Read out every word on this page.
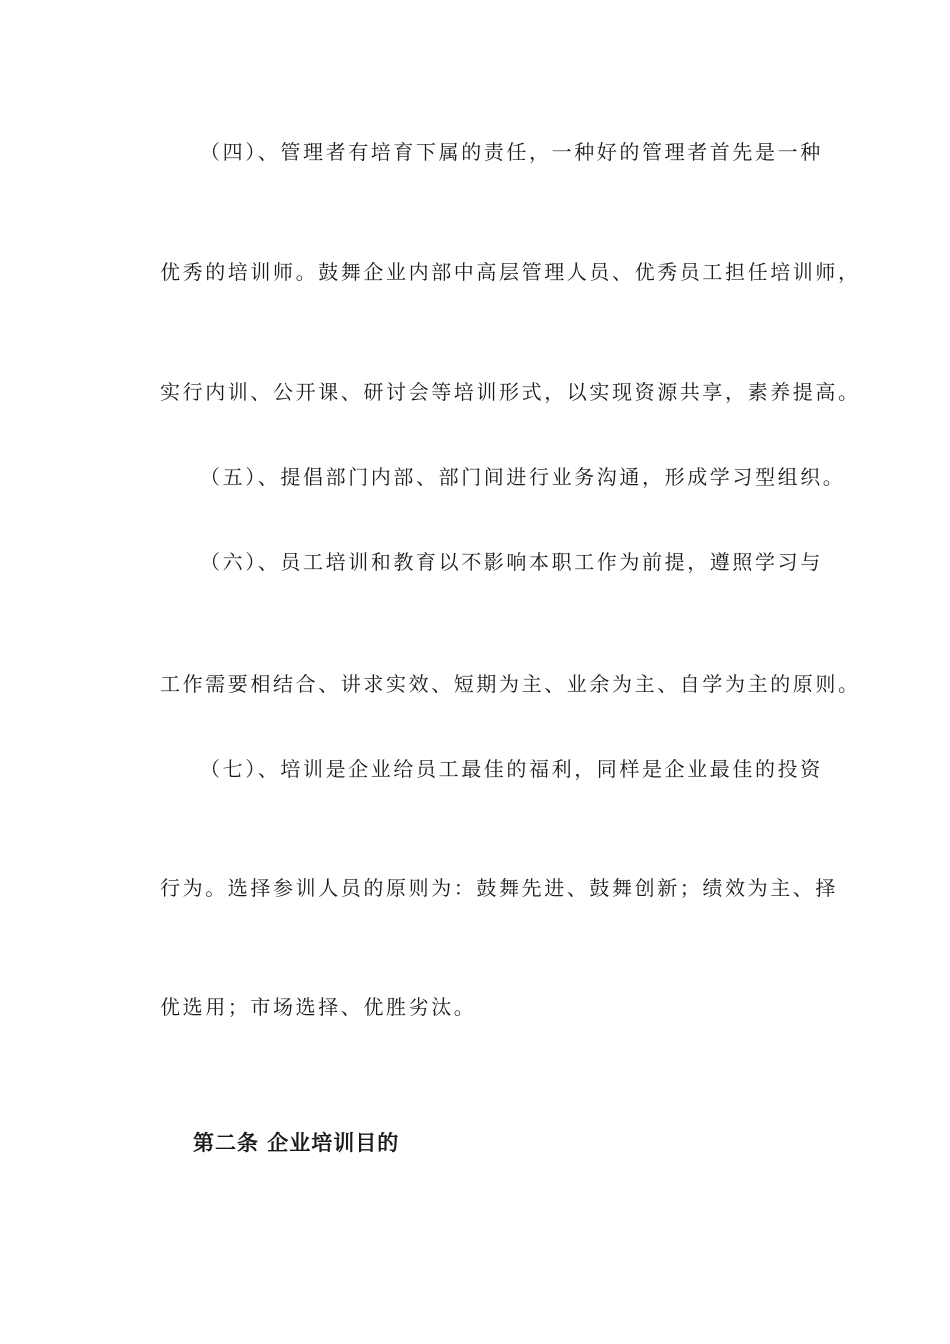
（四）、管理者有培育下属的责任，一种好的管理者首先是一种
优秀的培训师。鼓舞企业内部中高层管理人员、优秀员工担任培训师，
实行内训、公开课、研讨会等培训形式，以实现资源共享，素养提高。
（五）、提倡部门内部、部门间进行业务沟通，形成学习型组织。
（六）、员工培训和教育以不影响本职工作为前提，遵照学习与
工作需要相结合、讲求实效、短期为主、业余为主、自学为主的原则。
（七）、培训是企业给员工最佳的福利，同样是企业最佳的投资
行为。选择参训人员的原则为：鼓舞先进、鼓舞创新；绩效为主、择
优选用；市场选择、优胜劣汰。
第二条 企业培训目的
